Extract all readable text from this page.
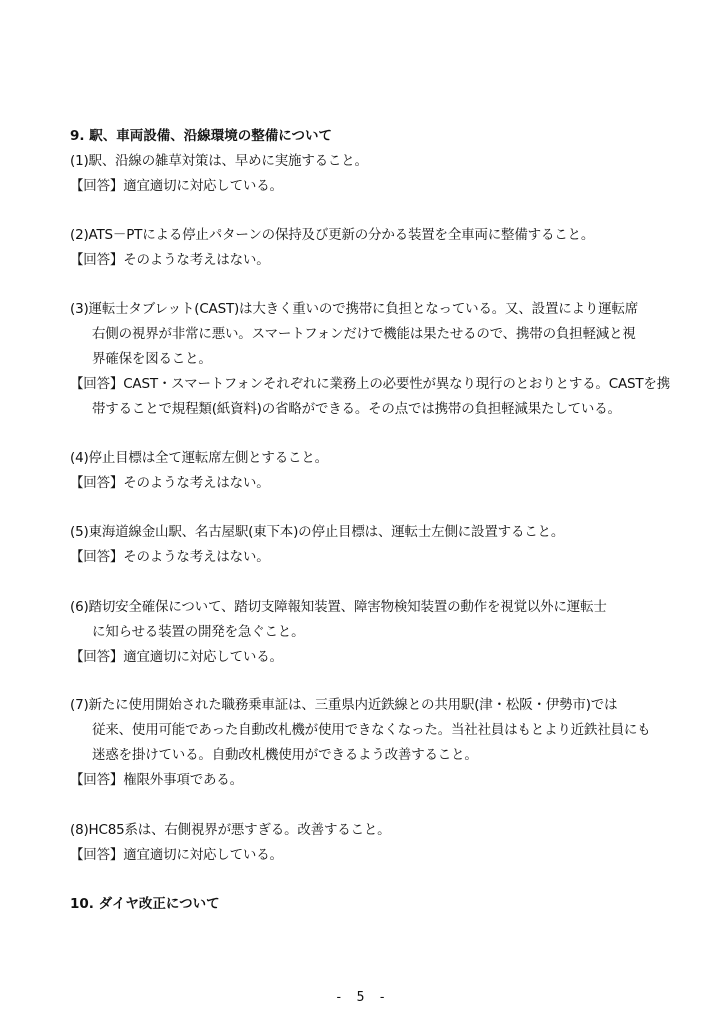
9. 駅、車両設備、沿線環境の整備について
(1)駅、沿線の雑草対策は、早めに実施すること。
【回答】適宜適切に対応している。
(2)ATS－PTによる停止パターンの保持及び更新の分かる装置を全車両に整備すること。
【回答】そのような考えはない。
(3)運転士タブレット(CAST)は大きく重いので携帯に負担となっている。又、設置により運転席
右側の視界が非常に悪い。スマートフォンだけで機能は果たせるので、携帯の負担軽減と視
界確保を図ること。
【回答】CAST・スマートフォンそれぞれに業務上の必要性が異なり現行のとおりとする。CASTを携
帯することで規程類(紙資料)の省略ができる。その点では携帯の負担軽減果たしている。
(4)停止目標は全て運転席左側とすること。
【回答】そのような考えはない。
(5)東海道線金山駅、名古屋駅(東下本)の停止目標は、運転士左側に設置すること。
【回答】そのような考えはない。
(6)踏切安全確保について、踏切支障報知装置、障害物検知装置の動作を視覚以外に運転士
に知らせる装置の開発を急ぐこと。
【回答】適宜適切に対応している。
(7)新たに使用開始された職務乗車証は、三重県内近鉄線との共用駅(津・松阪・伊勢市)では
従来、使用可能であった自動改札機が使用できなくなった。当社社員はもとより近鉄社員にも
迷惑を掛けている。自動改札機使用ができるよう改善すること。
【回答】権限外事項である。
(8)HC85系は、右側視界が悪すぎる。改善すること。
【回答】適宜適切に対応している。
10. ダイヤ改正について
- 5 -
